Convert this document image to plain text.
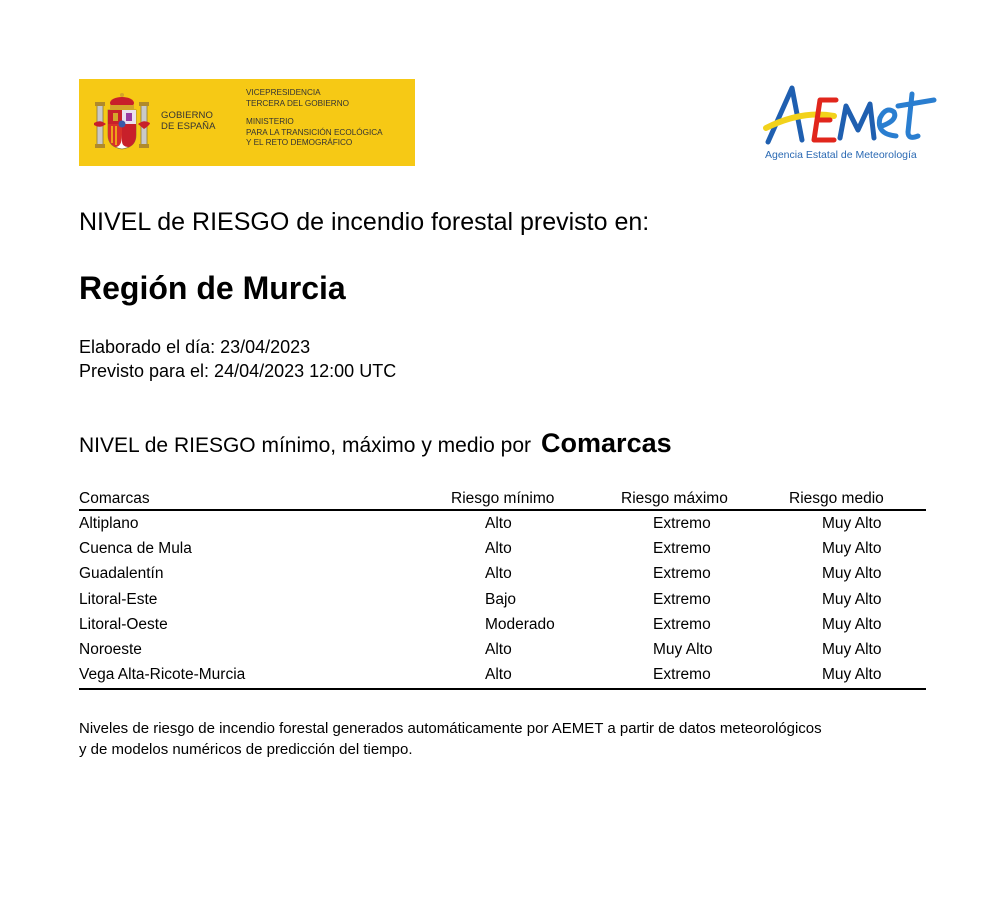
GOBIERNO
DE ESPAÑA
VICEPRESIDENCIA
TERCERA DEL GOBIERNO
MINISTERIO
PARA LA TRANSICIÓN ECOLÓGICA
Y EL RETO DEMOGRÁFICO
Agencia Estatal de Meteorología
NIVEL de RIESGO de incendio forestal previsto en:
Región de Murcia
Elaborado el día: 23/04/2023
Previsto para el: 24/04/2023 12:00 UTC
NIVEL de RIESGO mínimo, máximo y medio por Comarcas
Comarcas	Riesgo mínimo	Riesgo máximo	Riesgo medio
Altiplano	Alto	Extremo	Muy Alto
Cuenca de Mula	Alto	Extremo	Muy Alto
Guadalentín	Alto	Extremo	Muy Alto
Litoral-Este	Bajo	Extremo	Muy Alto
Litoral-Oeste	Moderado	Extremo	Muy Alto
Noroeste	Alto	Muy Alto	Muy Alto
Vega Alta-Ricote-Murcia	Alto	Extremo	Muy Alto
Niveles de riesgo de incendio forestal generados automáticamente por AEMET a partir de datos meteorológicos
y de modelos numéricos de predicción del tiempo.
